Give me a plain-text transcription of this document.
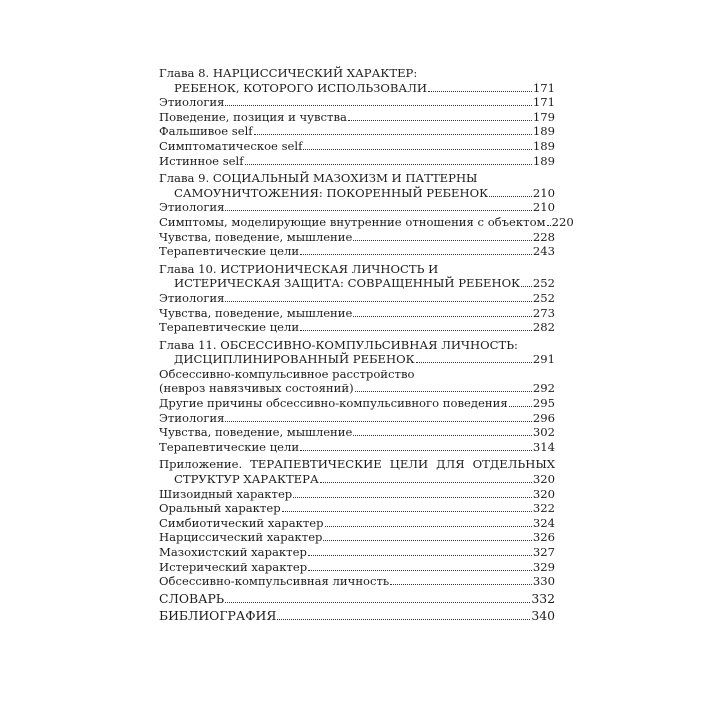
Глава 8. НАРЦИССИЧЕСКИЙ ХАРАКТЕР:
РЕБЕНОК, КОТОРОГО ИСПОЛЬЗОВАЛИ	171
Этиология	171
Поведение, позиция и чувства	179
Фальшивое self	189
Симптоматическое self	189
Истинное self	189
Глава 9. СОЦИАЛЬНЫЙ МАЗОХИЗМ И ПАТТЕРНЫ
САМОУНИЧТОЖЕНИЯ: ПОКОРЕННЫЙ РЕБЕНОК	210
Этиология	210
Симптомы, моделирующие внутренние отношения с объектом 220
Чувства, поведение, мышление	228
Терапевтические цели	243
Глава 10. ИСТРИОНИЧЕСКАЯ ЛИЧНОСТЬ И
ИСТЕРИЧЕСКАЯ ЗАЩИТА: СОВРАЩЕННЫЙ РЕБЕНОК 252
Этиология	252
Чувства, поведение, мышление	273
Терапевтические цели	282
Глава 11. ОБСЕССИВНО-КОМПУЛЬСИВНАЯ ЛИЧНОСТЬ:
ДИСЦИПЛИНИРОВАННЫЙ РЕБЕНОК	291
Обсессивно-компульсивное расстройство
(невроз навязчивых состояний)	292
Другие причины обсессивно-компульсивного поведения 295
Этиология	296
Чувства, поведение, мышление	302
Терапевтические цели	314
Приложение. ТЕРАПЕВТИЧЕСКИЕ ЦЕЛИ ДЛЯ ОТДЕЛЬНЫХ
СТРУКТУР ХАРАКТЕРА	320
Шизоидный характер	320
Оральный характер	322
Симбиотический характер	324
Нарциссический характер	326
Мазохистский характер	327
Истерический характер	329
Обсессивно-компульсивная личность	330
СЛОВАРЬ	332
БИБЛИОГРАФИЯ	340
